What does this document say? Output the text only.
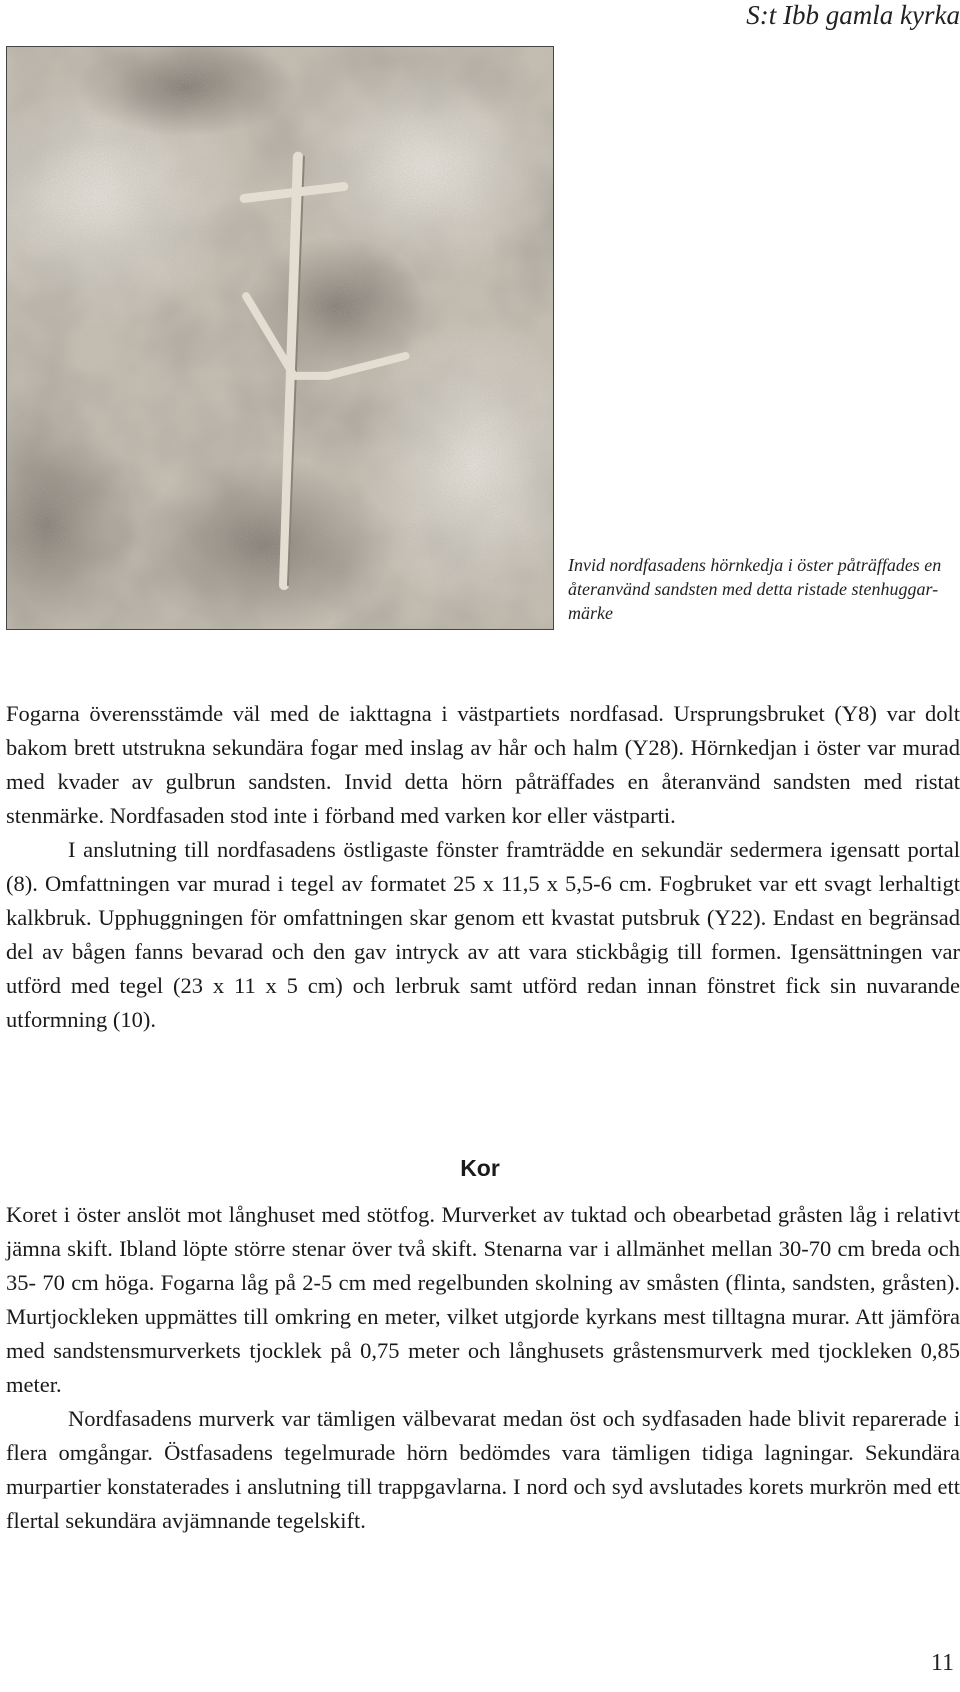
S:t Ibb gamla kyrka
Invid nordfasadens hörnkedja i öster påträffades en återanvänd sandsten med detta ristade stenhuggar-märke

Fogarna överensstämde väl med de iakttagna i västpartiets nordfasad. Ursprungsbruket (Y8) var dolt bakom brett utstrukna sekundära fogar med inslag av hår och halm (Y28). Hörnkedjan i öster var murad med kvader av gulbrun sandsten. Invid detta hörn påträffades en återanvänd sandsten med ristat stenmärke. Nordfasaden stod inte i förband med varken kor eller västparti.

I anslutning till nordfasadens östligaste fönster framträdde en sekundär sedermera igensatt portal (8). Omfattningen var murad i tegel av formatet 25 x 11,5 x 5,5-6 cm. Fogbruket var ett svagt lerhaltigt kalkbruk. Upphuggningen för omfattningen skar genom ett kvastat putsbruk (Y22). Endast en begränsad del av bågen fanns bevarad och den gav intryck av att vara stickbågig till formen. Igensättningen var utförd med tegel (23 x 11 x 5 cm) och lerbruk samt utförd redan innan fönstret fick sin nuvarande utformning (10).

Kor

Koret i öster anslöt mot långhuset med stötfog. Murverket av tuktad och obearbetad gråsten låg i relativt jämna skift. Ibland löpte större stenar över två skift. Stenarna var i allmänhet mellan 30-70 cm breda och 35- 70 cm höga. Fogarna låg på 2-5 cm med regelbunden skolning av småsten (flinta, sandsten, gråsten). Murtjockleken uppmättes till omkring en meter, vilket utgjorde kyrkans mest tilltagna murar. Att jämföra med sandstensmurverkets tjocklek på 0,75 meter och långhusets gråstensmurverk med tjockleken 0,85 meter.

Nordfasadens murverk var tämligen välbevarat medan öst och sydfasaden hade blivit reparerade i flera omgångar. Östfasadens tegelmurade hörn bedömdes vara tämligen tidiga lagningar. Sekundära murpartier konstaterades i anslutning till trappgavlarna. I nord och syd avslutades korets murkrön med ett flertal sekundära avjämnande tegelskift.

11
